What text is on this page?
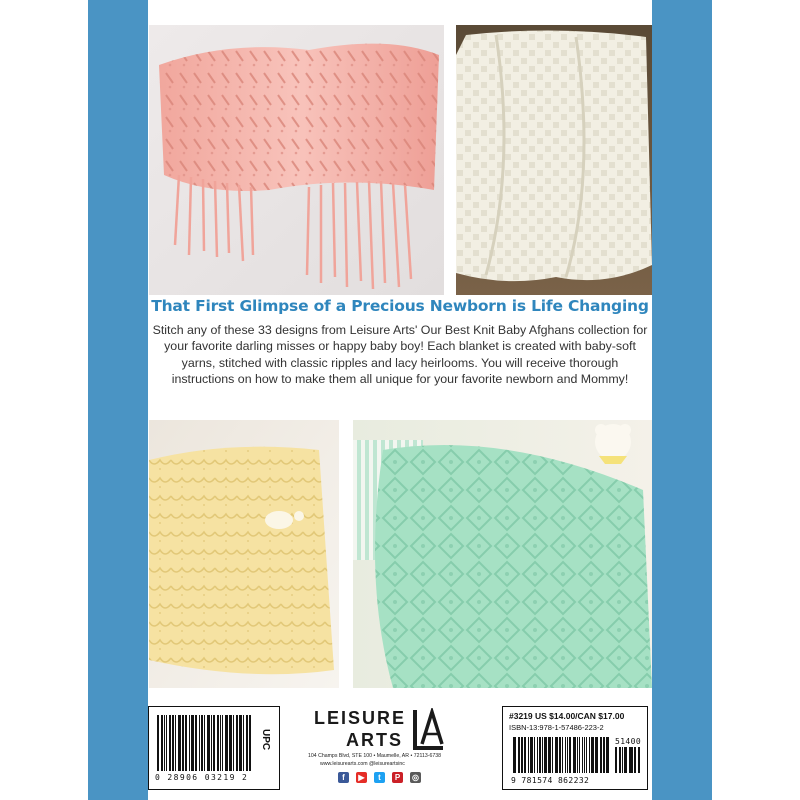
That First Glimpse of a Precious Newborn is Life Changing
Stitch any of these 33 designs from Leisure Arts' Our Best Knit Baby Afghans collection for your favorite darling misses or happy baby boy! Each blanket is created with baby-soft yarns, stitched with classic ripples and lacy heirlooms. You will receive thorough instructions on how to make them all unique for your favorite newborn and Mommy!
0 28906 03219 2
UPC
LEISURE
ARTS
104 Champs Blvd, STE 100 • Maumelle, AR • 72113-6738
www.leisurearts.com @leisureartsinc
f	▶	t	P	◎
#3219 US $14.00/CAN $17.00
ISBN-13:978-1-57486-223-2
51400
9 781574 862232
